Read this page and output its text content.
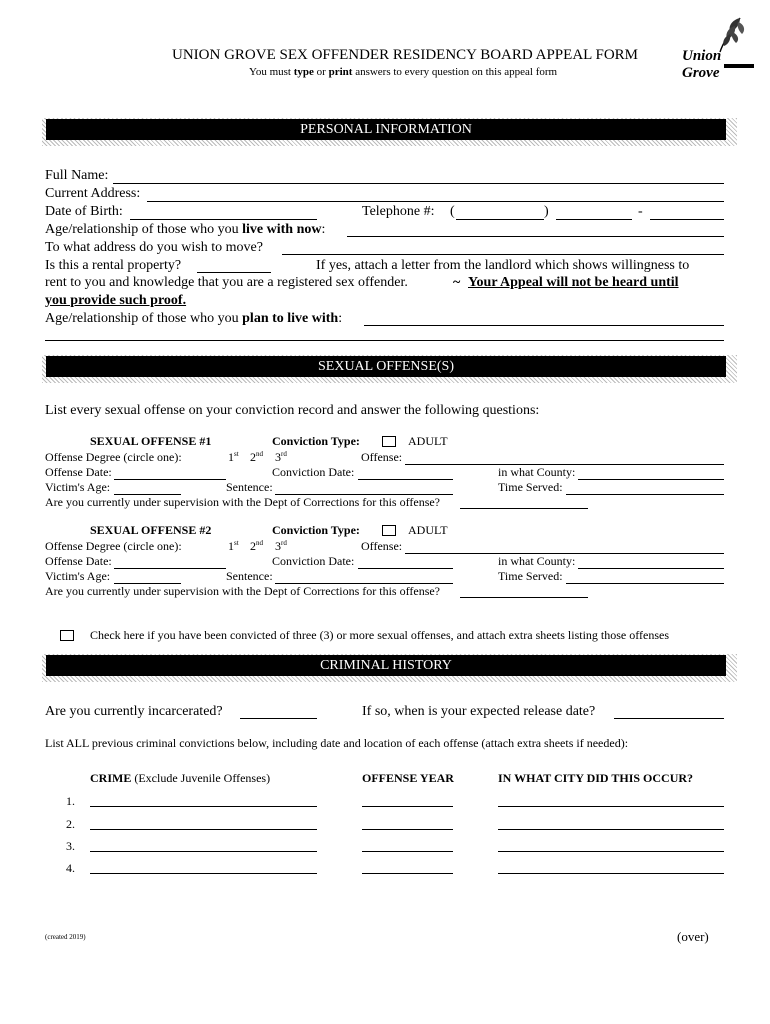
UNION GROVE SEX OFFENDER RESIDENCY BOARD APPEAL FORM
You must type or print answers to every question on this appeal form
Union Grove
PERSONAL INFORMATION
Full Name:
Current Address:
Date of Birth:	Telephone #: (	)	-
Age/relationship of those who you live with now:
To what address do you wish to move?
Is this a rental property?	If yes, attach a letter from the landlord which shows willingness to
rent to you and knowledge that you are a registered sex offender.	~ Your Appeal will not be heard until
you provide such proof.
Age/relationship of those who you plan to live with:
SEXUAL OFFENSE(S)
List every sexual offense on your conviction record and answer the following questions:
SEXUAL OFFENSE #1	Conviction Type:	ADULT
Offense Degree (circle one):	1st 2nd 3rd	Offense:
Offense Date:	Conviction Date:	in what County:
Victim's Age:	Sentence:	Time Served:
Are you currently under supervision with the Dept of Corrections for this offense?
SEXUAL OFFENSE #2	Conviction Type:	ADULT
Offense Degree (circle one):	1st 2nd 3rd	Offense:
Offense Date:	Conviction Date:	in what County:
Victim's Age:	Sentence:	Time Served:
Are you currently under supervision with the Dept of Corrections for this offense?
Check here if you have been convicted of three (3) or more sexual offenses, and attach extra sheets listing those offenses
CRIMINAL HISTORY
Are you currently incarcerated?	If so, when is your expected release date?
List ALL previous criminal convictions below, including date and location of each offense (attach extra sheets if needed):
CRIME (Exclude Juvenile Offenses)	OFFENSE YEAR	IN WHAT CITY DID THIS OCCUR?
1.
2.
3.
4.
(created 2019)	(over)
